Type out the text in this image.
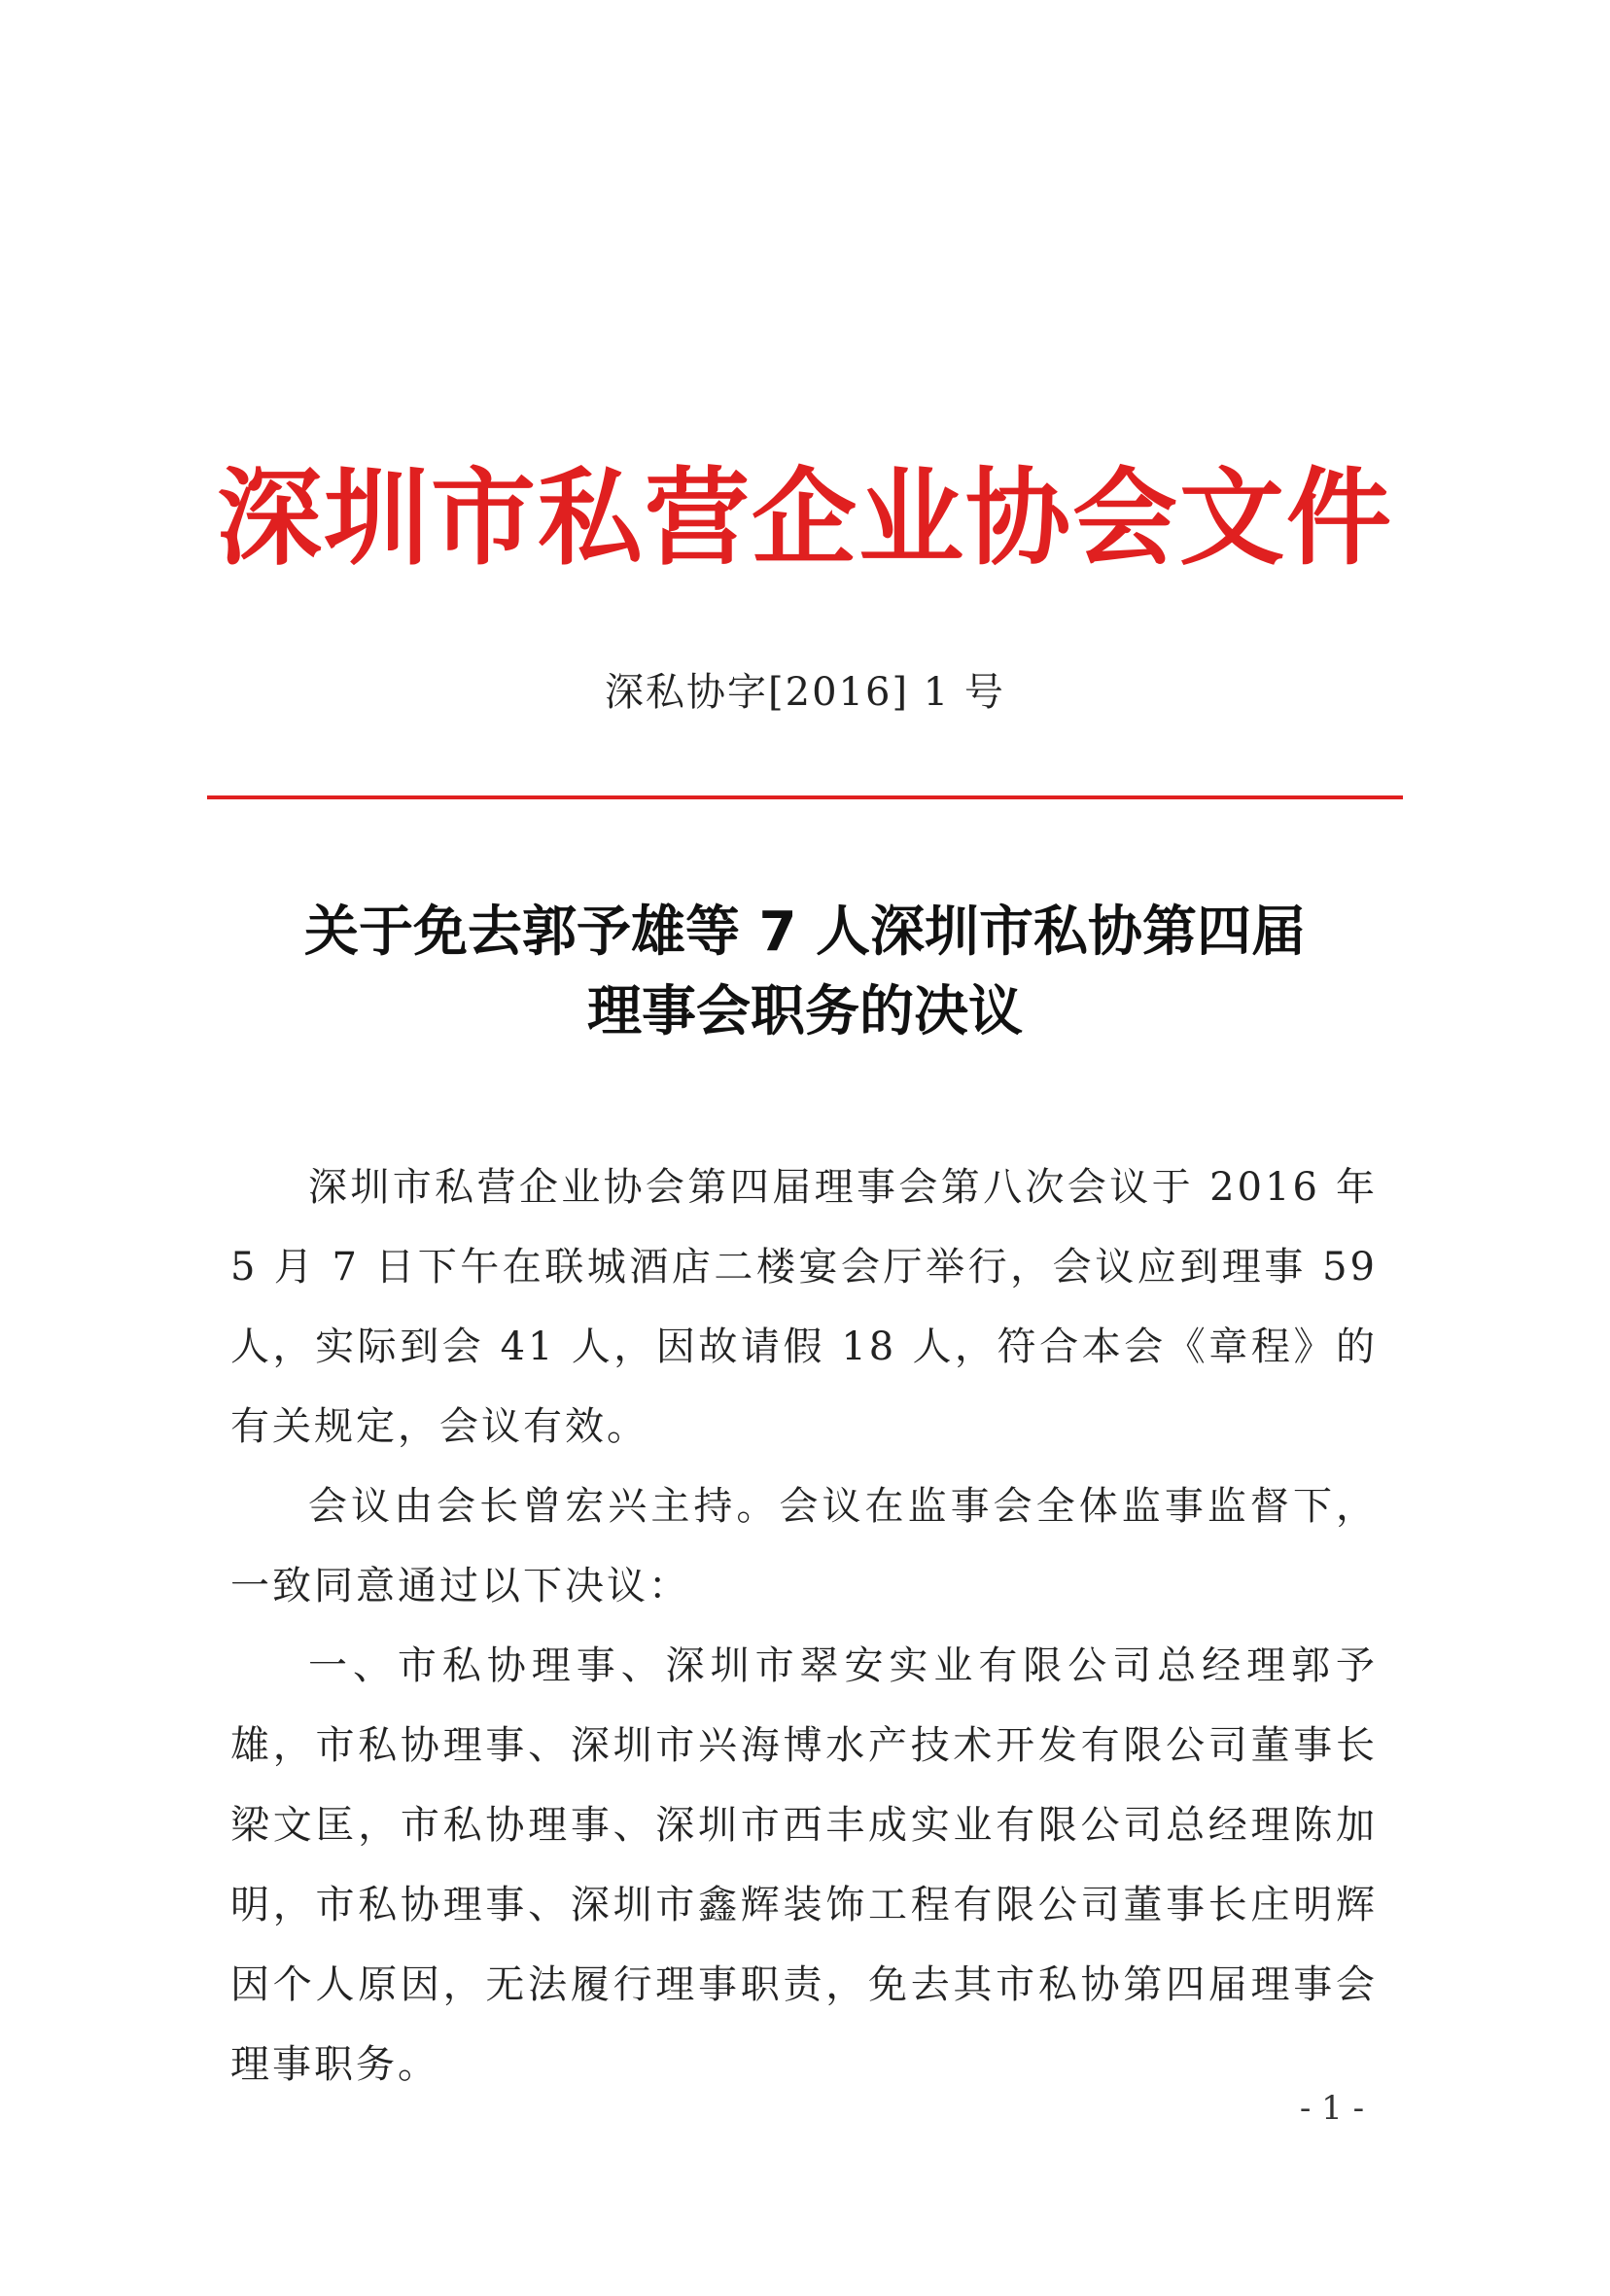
深圳市私营企业协会文件
深私协字[2016] 1 号
关于免去郭予雄等 7 人深圳市私协第四届
理事会职务的决议

深圳市私营企业协会第四届理事会第八次会议于 2016 年 5 月 7 日下午在联城酒店二楼宴会厅举行，会议应到理事 59 人，实际到会 41 人，因故请假 18 人，符合本会《章程》的有关规定，会议有效。

会议由会长曾宏兴主持。会议在监事会全体监事监督下，一致同意通过以下决议：

一、市私协理事、深圳市翠安实业有限公司总经理郭予雄，市私协理事、深圳市兴海博水产技术开发有限公司董事长梁文匡，市私协理事、深圳市西丰成实业有限公司总经理陈加明，市私协理事、深圳市鑫辉装饰工程有限公司董事长庄明辉因个人原因，无法履行理事职责，免去其市私协第四届理事会理事职务。

- 1 -
